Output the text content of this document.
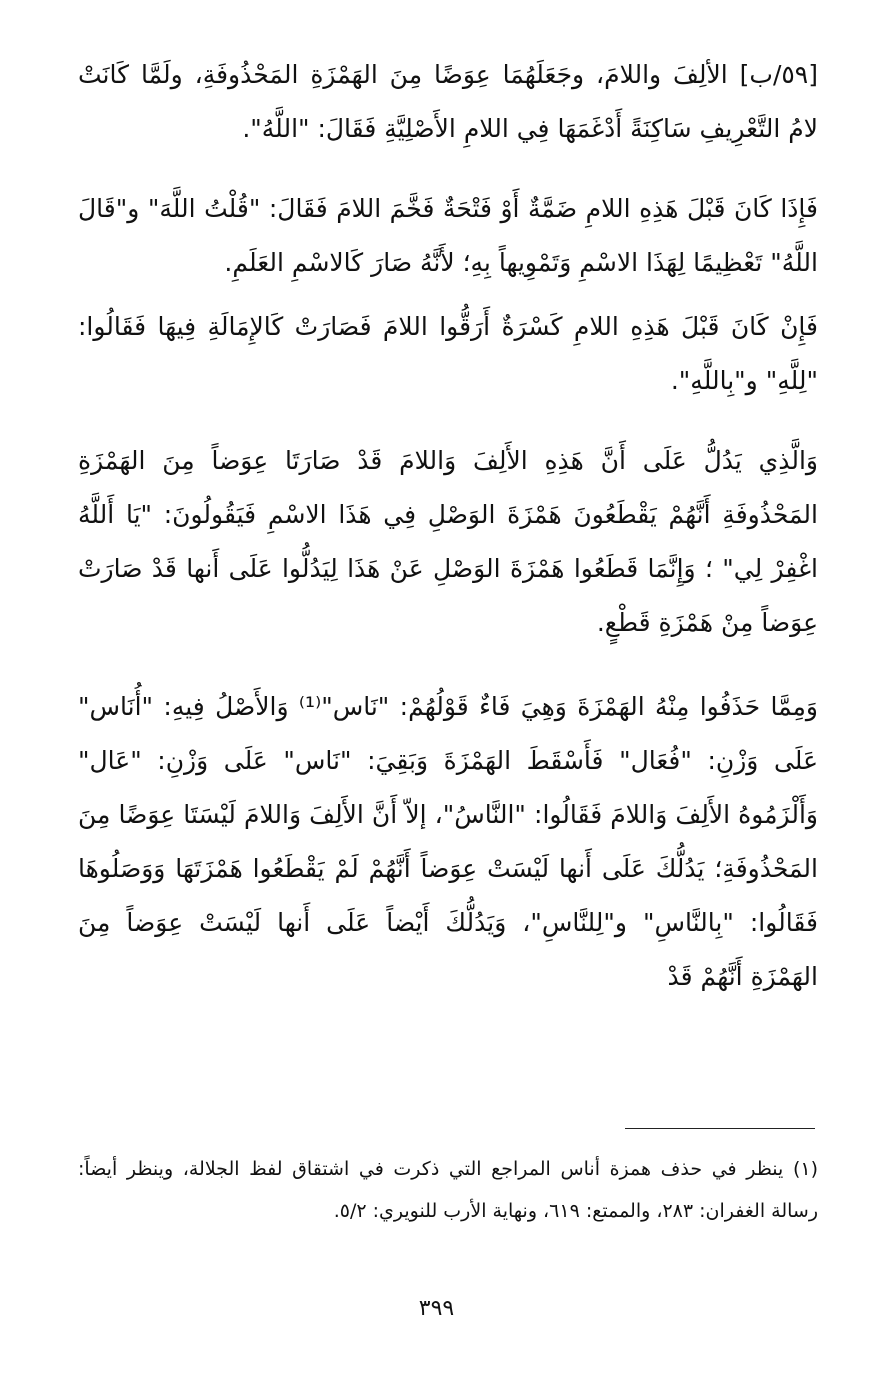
[٥٩/ب] الألِفَ واللامَ، وجَعَلَهُمَا عِوَضًا مِنَ الهَمْزَةِ المَحْذُوفَةِ، ولَمَّا كَانَتْ لامُ التَّعْرِيفِ سَاكِنَةً أَدْغَمَهَا فِي اللامِ الأَصْلِيَّةِ فَقَالَ: "اللَّهُ".

فَإِذَا كَانَ قَبْلَ هَذِهِ اللامِ ضَمَّةٌ أَوْ فَتْحَةٌ فَخَّمَ اللامَ فَقَالَ: "قُلْتُ اللَّهَ" و"قَالَ اللَّهُ" تَعْظِيمًا لِهَذَا الاسْمِ وَتَمْوِيهاً بِهِ؛ لأَنَّهُ صَارَ كَالاسْمِ العَلَمِ.

فَإِنْ كَانَ قَبْلَ هَذِهِ اللامِ كَسْرَةٌ أَرَقُّوا اللامَ فَصَارَتْ كَالإِمَالَةِ فِيهَا فَقَالُوا: "لِلَّهِ" و"بِاللَّهِ".

وَالَّذِي يَدُلُّ عَلَى أَنَّ هَذِهِ الأَلِفَ وَاللامَ قَدْ صَارَتَا عِوَضاً مِنَ الهَمْزَةِ المَحْذُوفَةِ أَنَّهُمْ يَقْطَعُونَ هَمْزَةَ الوَصْلِ فِي هَذَا الاسْمِ فَيَقُولُونَ: "يَا أَللَّهُ اغْفِرْ لِي" ؛ وَإِنَّمَا قَطَعُوا هَمْزَةَ الوَصْلِ عَنْ هَذَا لِيَدُلُّوا عَلَى أَنها قَدْ صَارَتْ عِوَضاً مِنْ هَمْزَةِ قَطْعٍ.

وَمِمَّا حَذَفُوا مِنْهُ الهَمْزَةَ وَهِيَ فَاءٌ قَوْلُهُمْ: "نَاس"⁽¹⁾ وَالأَصْلُ فِيهِ: "أُنَاس" عَلَى وَزْنِ: "فُعَال" فَأَسْقَطَ الهَمْزَةَ وَبَقِيَ: "نَاس" عَلَى وَزْنِ: "عَال" وَأَلْزَمُوهُ الأَلِفَ وَاللامَ فَقَالُوا: "النَّاسُ"، إلاّ أَنَّ الأَلِفَ وَاللامَ لَيْسَتَا عِوَضًا مِنَ المَحْذُوفَةِ؛ يَدُلُّكَ عَلَى أَنها لَيْسَتْ عِوَضاً أَنَّهُمْ لَمْ يَقْطَعُوا هَمْزَتَهَا وَوَصَلُوهَا فَقَالُوا: "بِالنَّاسِ" و"لِلنَّاسِ"، وَيَدُلُّكَ أَيْضاً عَلَى أَنها لَيْسَتْ عِوَضاً مِنَ الهَمْزَةِ أَنَّهُمْ قَدْ

(١) ينظر في حذف همزة أناس المراجع التي ذكرت في اشتقاق لفظ الجلالة، وينظر أيضاً: رسالة الغفران: ٢٨٣، والممتع: ٦١٩، ونهاية الأرب للنويري: ٥/٢.

٣٩٩
